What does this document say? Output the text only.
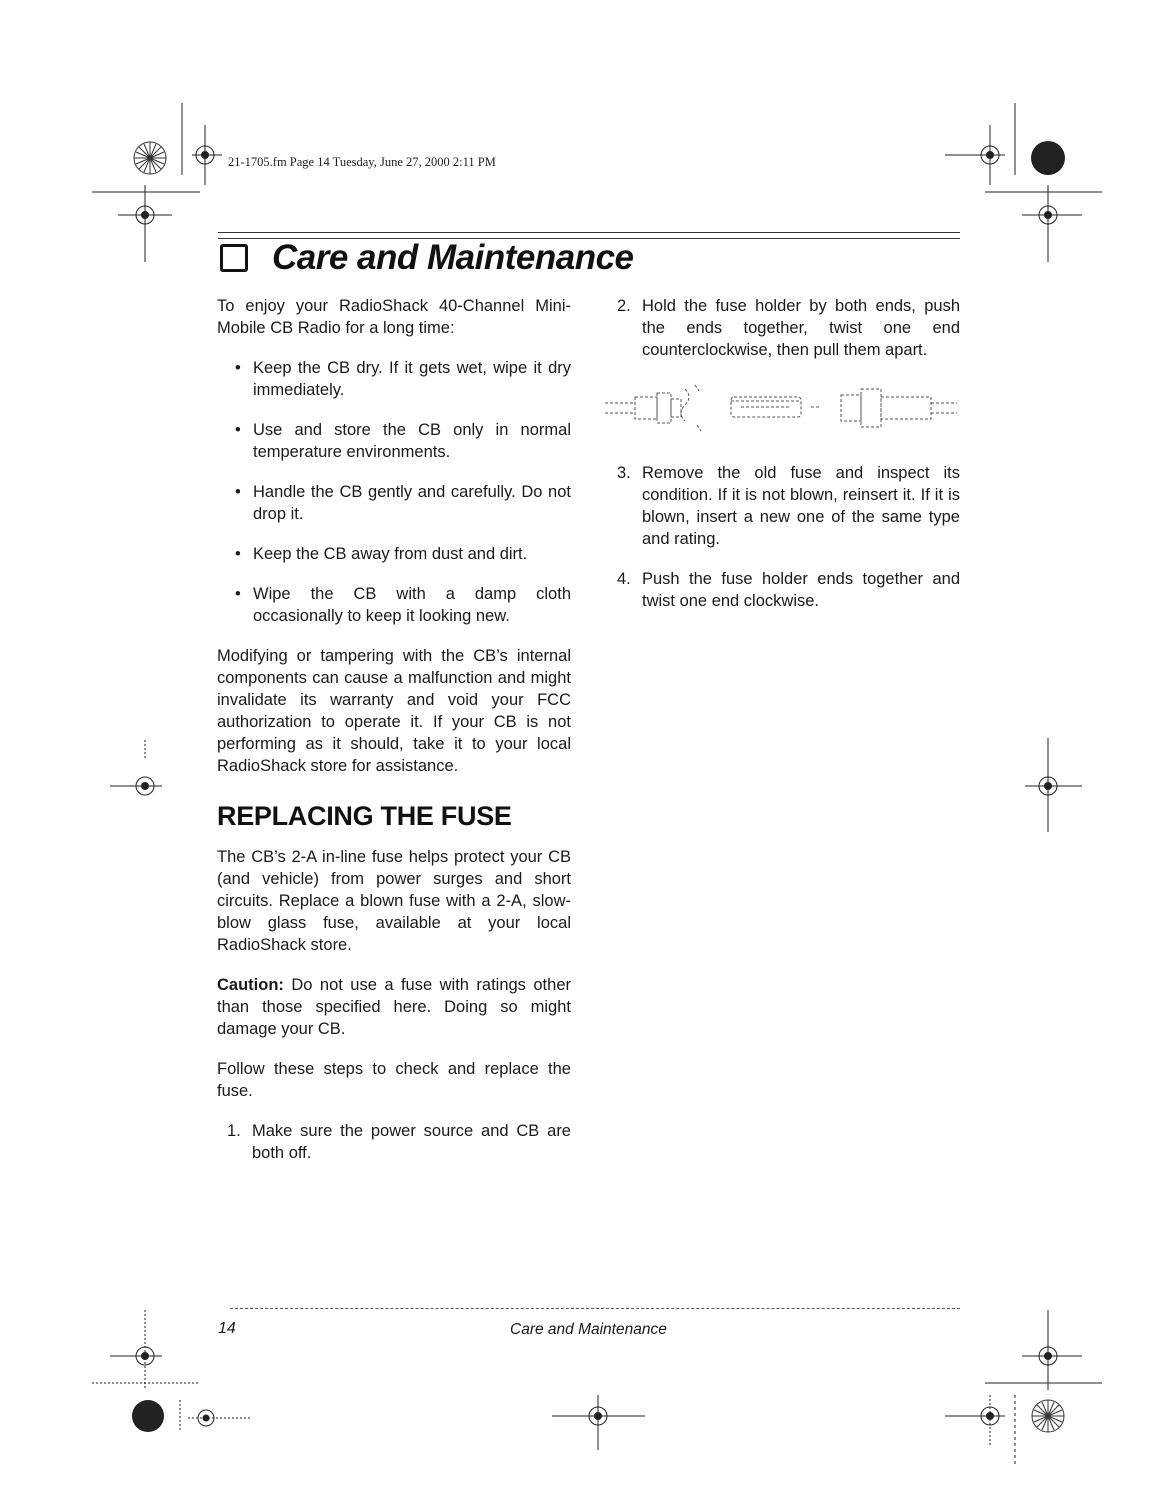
21-1705.fm Page 14 Tuesday, June 27, 2000 2:11 PM
Care and Maintenance

To enjoy your RadioShack 40-Channel Mini-Mobile CB Radio for a long time:

• Keep the CB dry. If it gets wet, wipe it dry immediately.
• Use and store the CB only in normal temperature environments.
• Handle the CB gently and carefully. Do not drop it.
• Keep the CB away from dust and dirt.
• Wipe the CB with a damp cloth occasionally to keep it looking new.

Modifying or tampering with the CB’s internal components can cause a malfunction and might invalidate its warranty and void your FCC authorization to operate it. If your CB is not performing as it should, take it to your local RadioShack store for assistance.

REPLACING THE FUSE

The CB’s 2-A in-line fuse helps protect your CB (and vehicle) from power surges and short circuits. Replace a blown fuse with a 2-A, slow-blow glass fuse, available at your local RadioShack store.

Caution: Do not use a fuse with ratings other than those specified here. Doing so might damage your CB.

Follow these steps to check and replace the fuse.

1. Make sure the power source and CB are both off.
2. Hold the fuse holder by both ends, push the ends together, twist one end counterclockwise, then pull them apart.
3. Remove the old fuse and inspect its condition. If it is not blown, reinsert it. If it is blown, insert a new one of the same type and rating.
4. Push the fuse holder ends together and twist one end clockwise.
14	Care and Maintenance
